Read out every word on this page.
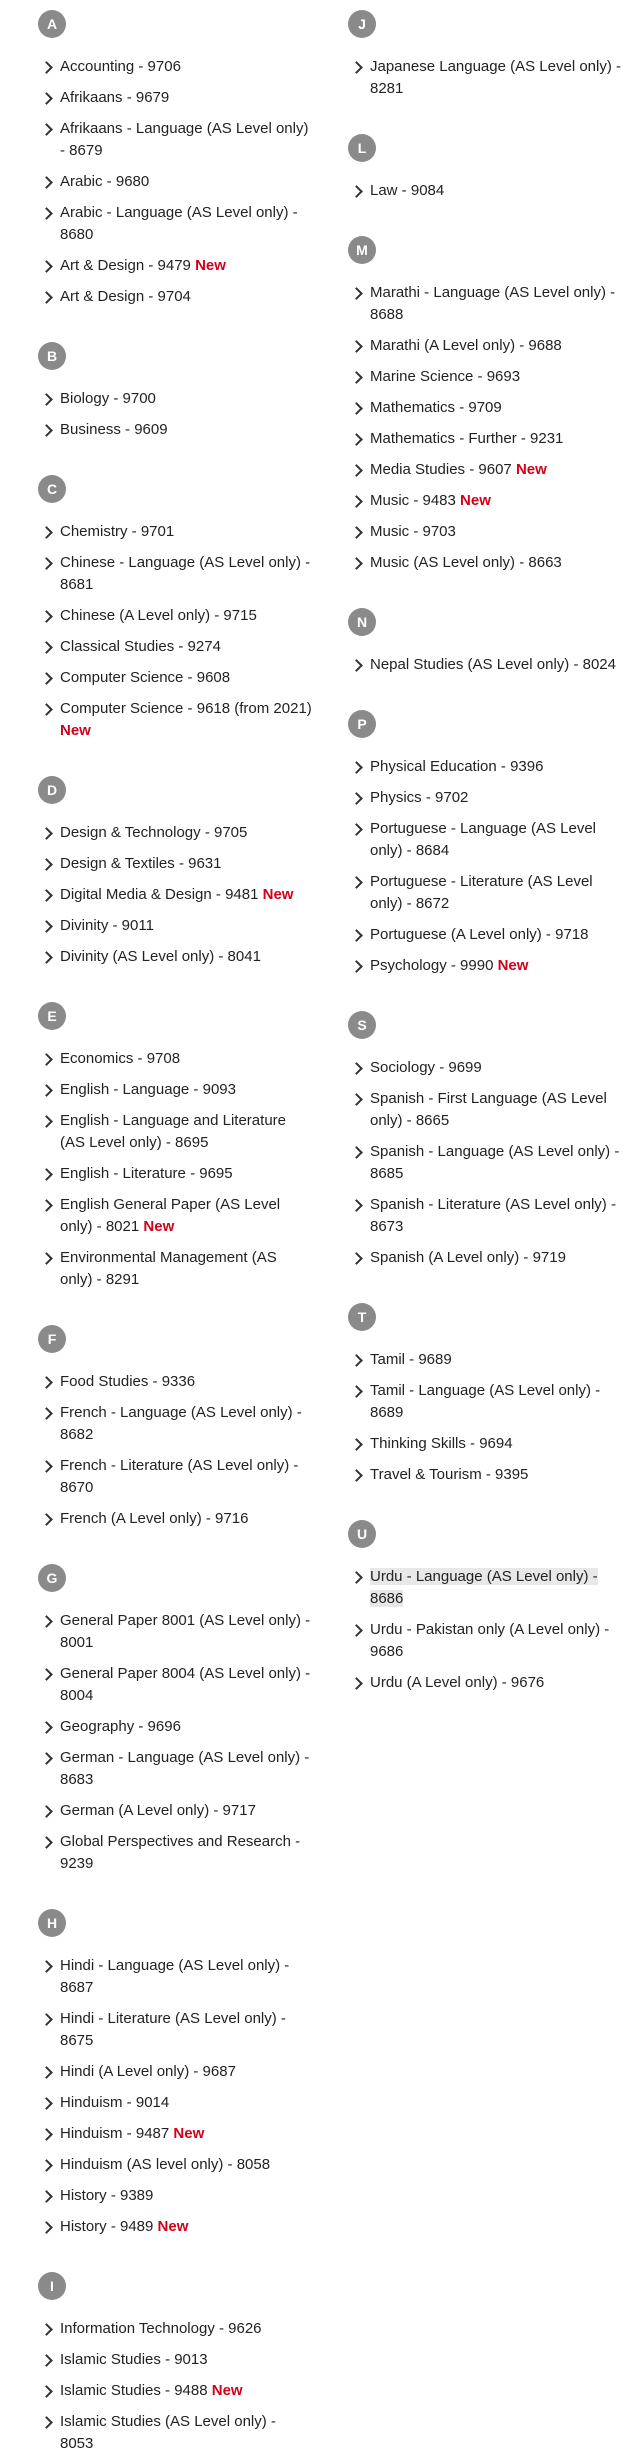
A
Accounting - 9706
Afrikaans - 9679
Afrikaans - Language (AS Level only) - 8679
Arabic - 9680
Arabic - Language (AS Level only) - 8680
Art & Design - 9479 New
Art & Design - 9704
B
Biology - 9700
Business - 9609
C
Chemistry - 9701
Chinese - Language (AS Level only) - 8681
Chinese (A Level only) - 9715
Classical Studies - 9274
Computer Science - 9608
Computer Science - 9618 (from 2021) New
D
Design & Technology - 9705
Design & Textiles - 9631
Digital Media & Design - 9481 New
Divinity - 9011
Divinity (AS Level only) - 8041
E
Economics - 9708
English - Language - 9093
English - Language and Literature (AS Level only) - 8695
English - Literature - 9695
English General Paper (AS Level only) - 8021 New
Environmental Management (AS only) - 8291
F
Food Studies - 9336
French - Language (AS Level only) - 8682
French - Literature (AS Level only) - 8670
French (A Level only) - 9716
G
General Paper 8001 (AS Level only) - 8001
General Paper 8004 (AS Level only) - 8004
Geography - 9696
German - Language (AS Level only) - 8683
German (A Level only) - 9717
Global Perspectives and Research - 9239
H
Hindi - Language (AS Level only) - 8687
Hindi - Literature (AS Level only) - 8675
Hindi (A Level only) - 9687
Hinduism - 9014
Hinduism - 9487 New
Hinduism (AS level only) - 8058
History - 9389
History - 9489 New
I
Information Technology - 9626
Islamic Studies - 9013
Islamic Studies - 9488 New
Islamic Studies (AS Level only) - 8053
J
Japanese Language (AS Level only) - 8281
L
Law - 9084
M
Marathi - Language (AS Level only) - 8688
Marathi (A Level only) - 9688
Marine Science - 9693
Mathematics - 9709
Mathematics - Further - 9231
Media Studies - 9607 New
Music - 9483 New
Music - 9703
Music (AS Level only) - 8663
N
Nepal Studies (AS Level only) - 8024
P
Physical Education - 9396
Physics - 9702
Portuguese - Language (AS Level only) - 8684
Portuguese - Literature (AS Level only) - 8672
Portuguese (A Level only) - 9718
Psychology - 9990 New
S
Sociology - 9699
Spanish - First Language (AS Level only) - 8665
Spanish - Language (AS Level only) - 8685
Spanish - Literature (AS Level only) - 8673
Spanish (A Level only) - 9719
T
Tamil - 9689
Tamil - Language (AS Level only) - 8689
Thinking Skills - 9694
Travel & Tourism - 9395
U
Urdu - Language (AS Level only) - 8686
Urdu - Pakistan only (A Level only) - 9686
Urdu (A Level only) - 9676
